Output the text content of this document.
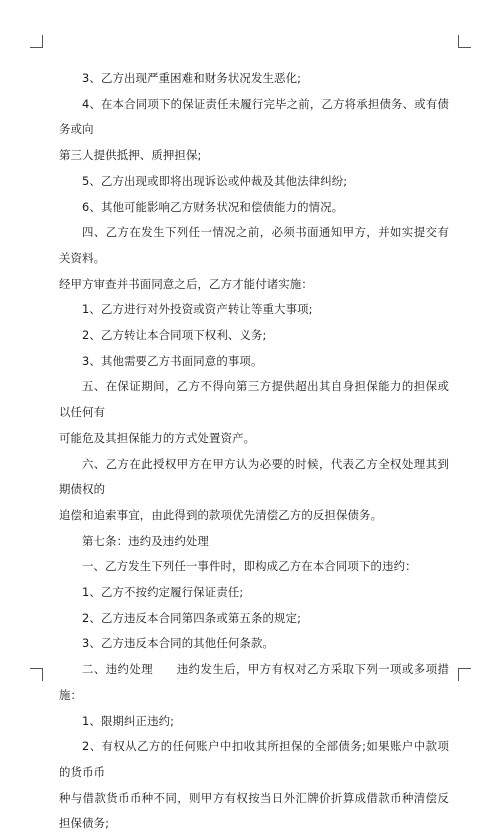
3、乙方出现严重困难和财务状况发生恶化;

4、在本合同项下的保证责任未履行完毕之前，乙方将承担债务、或有债务或向

第三人提供抵押、质押担保;

5、乙方出现或即将出现诉讼或仲裁及其他法律纠纷;

6、其他可能影响乙方财务状况和偿债能力的情况。

四、乙方在发生下列任一情况之前，必须书面通知甲方，并如实提交有关资料。

经甲方审查并书面同意之后，乙方才能付诸实施：

1、乙方进行对外投资或资产转让等重大事项;

2、乙方转让本合同项下权利、义务;

3、其他需要乙方书面同意的事项。

五、在保证期间，乙方不得向第三方提供超出其自身担保能力的担保或以任何有

可能危及其担保能力的方式处置资产。

六、乙方在此授权甲方在甲方认为必要的时候，代表乙方全权处理其到期债权的

追偿和追索事宜，由此得到的款项优先清偿乙方的反担保债务。

第七条：违约及违约处理

一、乙方发生下列任一事件时，即构成乙方在本合同项下的违约：

1、乙方不按约定履行保证责任;

2、乙方违反本合同第四条或第五条的规定;

3、乙方违反本合同的其他任何条款。

二、违约处理　　违约发生后，甲方有权对乙方采取下列一项或多项措施：

1、限期纠正违约;

2、有权从乙方的任何账户中扣收其所担保的全部债务;如果账户中款项的货币币

种与借款货币币种不同，则甲方有权按当日外汇牌价折算成借款币种清偿反担保债务;
